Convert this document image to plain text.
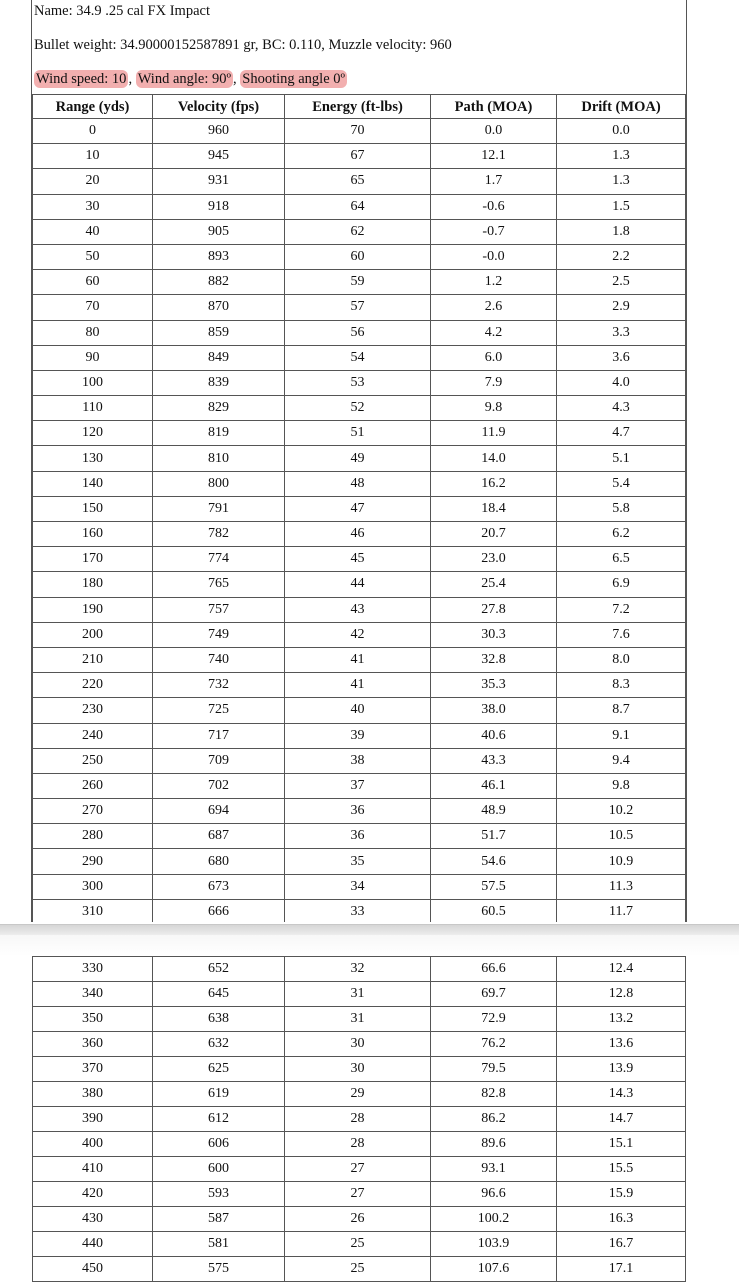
Name: 34.9 .25 cal FX Impact
Bullet weight: 34.90000152587891 gr, BC: 0.110, Muzzle velocity: 960
Wind speed: 10 , Wind angle: 90º , Shooting angle 0º
Range (yds)	Velocity (fps)	Energy (ft-lbs)	Path (MOA)	Drift (MOA)
0	960	70	0.0	0.0
10	945	67	12.1	1.3
20	931	65	1.7	1.3
30	918	64	-0.6	1.5
40	905	62	-0.7	1.8
50	893	60	-0.0	2.2
60	882	59	1.2	2.5
70	870	57	2.6	2.9
80	859	56	4.2	3.3
90	849	54	6.0	3.6
100	839	53	7.9	4.0
110	829	52	9.8	4.3
120	819	51	11.9	4.7
130	810	49	14.0	5.1
140	800	48	16.2	5.4
150	791	47	18.4	5.8
160	782	46	20.7	6.2
170	774	45	23.0	6.5
180	765	44	25.4	6.9
190	757	43	27.8	7.2
200	749	42	30.3	7.6
210	740	41	32.8	8.0
220	732	41	35.3	8.3
230	725	40	38.0	8.7
240	717	39	40.6	9.1
250	709	38	43.3	9.4
260	702	37	46.1	9.8
270	694	36	48.9	10.2
280	687	36	51.7	10.5
290	680	35	54.6	10.9
300	673	34	57.5	11.3
310	666	33	60.5	11.7
330	652	32	66.6	12.4
340	645	31	69.7	12.8
350	638	31	72.9	13.2
360	632	30	76.2	13.6
370	625	30	79.5	13.9
380	619	29	82.8	14.3
390	612	28	86.2	14.7
400	606	28	89.6	15.1
410	600	27	93.1	15.5
420	593	27	96.6	15.9
430	587	26	100.2	16.3
440	581	25	103.9	16.7
450	575	25	107.6	17.1
